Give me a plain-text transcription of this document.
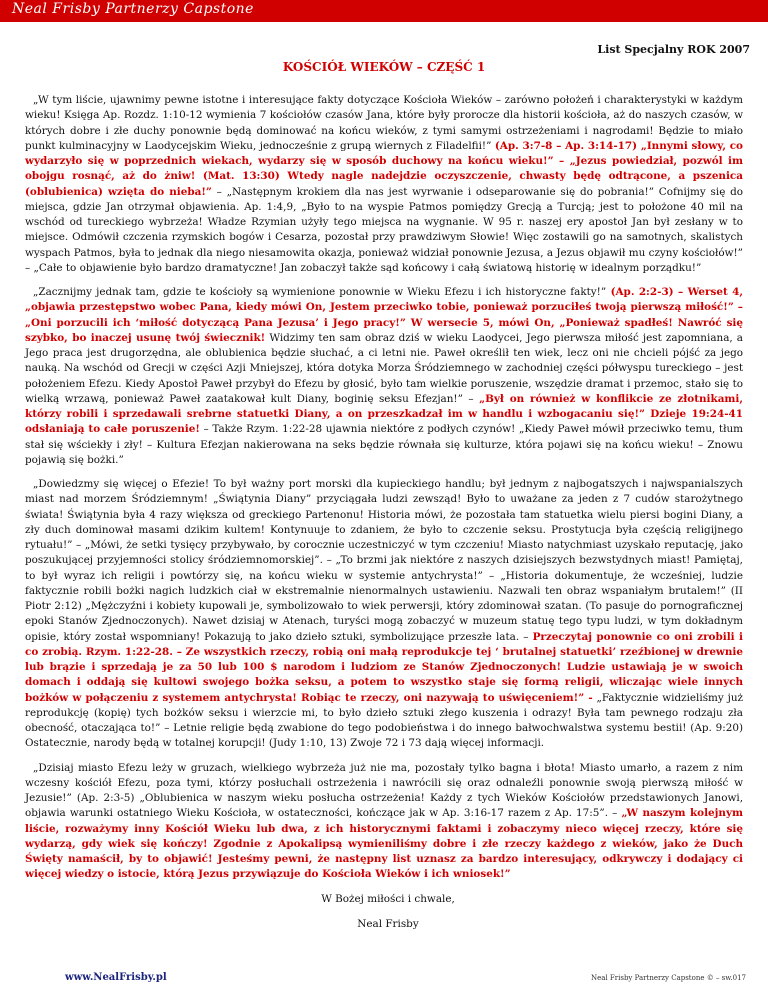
Neal Frisby Partnerzy Capstone
List Specjalny ROK 2007
KOŚCIÓŁ WIEKÓW – CZĘŚĆ 1

„W tym liście, ujawnimy pewne istotne i interesujące fakty dotyczące Kościoła Wieków – zarówno położeń i charakterystyki w każdym wieku! Księga Ap. Rozdz. 1:10-12 wymienia 7 kościołów czasów Jana, które były prorocze dla historii kościoła, aż do naszych czasów, w których dobre i złe duchy ponownie będą dominować na końcu wieków, z tymi samymi ostrzeżeniami i nagrodami! Będzie to miało punkt kulminacyjny w Laodycejskim Wieku, jednocześnie z grupą wiernych z Filadelfii!” (Ap. 3:7-8 – Ap. 3:14-17) „Innymi słowy, co wydarzyło się w poprzednich wiekach, wydarzy się w sposób duchowy na końcu wieku!” – „Jezus powiedział, pozwól im obojgu rosnąć, aż do żniw! (Mat. 13:30) Wtedy nagle nadejdzie oczyszczenie, chwasty będę odtrącone, a pszenica (oblubienica) wzięta do nieba!” – „Następnym krokiem dla nas jest wyrwanie i odseparowanie się do pobrania!” Cofnijmy się do miejsca, gdzie Jan otrzymał objawienia. Ap. 1:4,9, „Było to na wyspie Patmos pomiędzy Grecją a Turcją; jest to położone 40 mil na wschód od tureckiego wybrzeża! Władze Rzymian użyły tego miejsca na wygnanie. W 95 r. naszej ery apostoł Jan był zesłany w to miejsce. Odmówił czczenia rzymskich bogów i Cesarza, pozostał przy prawdziwym Słowie! Więc zostawili go na samotnych, skalistych wyspach Patmos, była to jednak dla niego niesamowita okazja, ponieważ widział ponownie Jezusa, a Jezus objawił mu czyny kościołów!” – „Całe to objawienie było bardzo dramatyczne! Jan zobaczył także sąd końcowy i całą światową historię w idealnym porządku!”

„Zacznijmy jednak tam, gdzie te kościoły są wymienione ponownie w Wieku Efezu i ich historyczne fakty!” (Ap. 2:2-3) – Werset 4, „objawia przestępstwo wobec Pana, kiedy mówi On, Jestem przeciwko tobie, ponieważ porzuciłeś twoją pierwszą miłość!” – „Oni porzucili ich ‘miłość dotyczącą Pana Jezusa’ i Jego pracy!” W wersecie 5, mówi On, „Ponieważ spadłeś! Nawróć się szybko, bo inaczej usunę twój świecznik! Widzimy ten sam obraz dziś w wieku Laodycei, Jego pierwsza miłość jest zapomniana, a Jego praca jest drugorzędna, ale oblubienica będzie słuchać, a ci letni nie. Paweł określił ten wiek, lecz oni nie chcieli pójść za jego nauką. Na wschód od Grecji w części Azji Mniejszej, która dotyka Morza Śródziemnego w zachodniej części półwyspu tureckiego – jest położeniem Efezu. Kiedy Apostoł Paweł przybył do Efezu by głosić, było tam wielkie poruszenie, wszędzie dramat i przemoc, stało się to wielką wrzawą, ponieważ Paweł zaatakował kult Diany, boginię seksu Efezjan!” – „Był on również w konflikcie ze złotnikami, którzy robili i sprzedawali srebrne statuetki Diany, a on przeszkadzał im w handlu i wzbogacaniu się!” Dzieje 19:24-41 odsłaniają to całe poruszenie! – Także Rzym. 1:22-28 ujawnia niektóre z podłych czynów! „Kiedy Paweł mówił przeciwko temu, tłum stał się wściekły i zły! – Kultura Efezjan nakierowana na seks będzie równała się kulturze, która pojawi się na końcu wieku! – Znowu pojawią się bożki.”

„Dowiedzmy się więcej o Efezie! To był ważny port morski dla kupieckiego handlu; był jednym z najbogatszych i najwspanialszych miast nad morzem Śródziemnym! „Świątynia Diany” przyciągała ludzi zewsząd! Było to uważane za jeden z 7 cudów starożytnego świata! Świątynia była 4 razy większa od greckiego Partenonu! Historia mówi, że pozostała tam statuetka wielu piersi bogini Diany, a zły duch dominował masami dzikim kultem! Kontynuuje to zdaniem, że było to czczenie seksu. Prostytucja była częścią religijnego rytuału!” – „Mówi, że setki tysięcy przybywało, by corocznie uczestniczyć w tym czczeniu! Miasto natychmiast uzyskało reputację, jako poszukującej przyjemności stolicy śródziemnomorskiej”. – „To brzmi jak niektóre z naszych dzisiejszych bezwstydnych miast! Pamiętaj, to był wyraz ich religii i powtórzy się, na końcu wieku w systemie antychrysta!” – „Historia dokumentuje, że wcześniej, ludzie faktycznie robili bożki nagich ludzkich ciał w ekstremalnie nienormalnych ustawieniu. Nazwali ten obraz wspaniałym brutalem!” (II Piotr 2:12) „Mężczyźni i kobiety kupowali je, symbolizowało to wiek perwersji, który zdominował szatan. (To pasuje do pornograficznej epoki Stanów Zjednoczonych). Nawet dzisiaj w Atenach, turyści mogą zobaczyć w muzeum statuę tego typu ludzi, w tym dokładnym opisie, który został wspomniany! Pokazują to jako dzieło sztuki, symbolizujące przeszłe lata. – Przeczytaj ponownie co oni zrobili i co zrobią. Rzym. 1:22-28. – Ze wszystkich rzeczy, robią oni małą reprodukcje tej ‘ brutalnej statuetki’ rzeźbionej w drewnie lub brązie i sprzedają je za 50 lub 100 $ narodom i ludziom ze Stanów Zjednoczonych! Ludzie ustawiają je w swoich domach i oddają się kultowi swojego bożka seksu, a potem to wszystko staje się formą religii, wliczając wiele innych bożków w połączeniu z systemem antychrysta! Robiąc te rzeczy, oni nazywają to uświęceniem!” - „Faktycznie widzieliśmy już reprodukcję (kopię) tych bożków seksu i wierzcie mi, to było dzieło sztuki złego kuszenia i odrazy! Była tam pewnego rodzaju zła obecność, otaczająca to!” – Letnie religie będą zwabione do tego podobieństwa i do innego bałwochwalstwa systemu bestii! (Ap. 9:20) Ostatecznie, narody będą w totalnej korupcji! (Judy 1:10, 13) Zwoje 72 i 73 dają więcej informacji.

„Dzisiaj miasto Efezu leży w gruzach, wielkiego wybrzeża już nie ma, pozostały tylko bagna i błota! Miasto umarło, a razem z nim wczesny kościół Efezu, poza tymi, którzy posłuchali ostrzeżenia i nawrócili się oraz odnaleźli ponownie swoją pierwszą miłość w Jezusie!” (Ap. 2:3-5) „Oblubienica w naszym wieku posłucha ostrzeżenia! Każdy z tych Wieków Kościołów przedstawionych Janowi, objawia warunki ostatniego Wieku Kościoła, w ostateczności, kończące jak w Ap. 3:16-17 razem z Ap. 17:5”. – „W naszym kolejnym liście, rozważymy inny Kościół Wieku lub dwa, z ich historycznymi faktami i zobaczymy nieco więcej rzeczy, które się wydarzą, gdy wiek się kończy! Zgodnie z Apokalipsą wymieniliśmy dobre i złe rzeczy każdego z wieków, jako że Duch Święty namaścił, by to objawić! Jesteśmy pewni, że następny list uznasz za bardzo interesujący, odkrywczy i dodający ci więcej wiedzy o istocie, którą Jezus przywiązuje do Kościoła Wieków i ich wniosek!”

W Bożej miłości i chwale,

Neal Frisby

www.NealFrisby.pl	Neal Frisby Partnerzy Capstone © – sw.017
